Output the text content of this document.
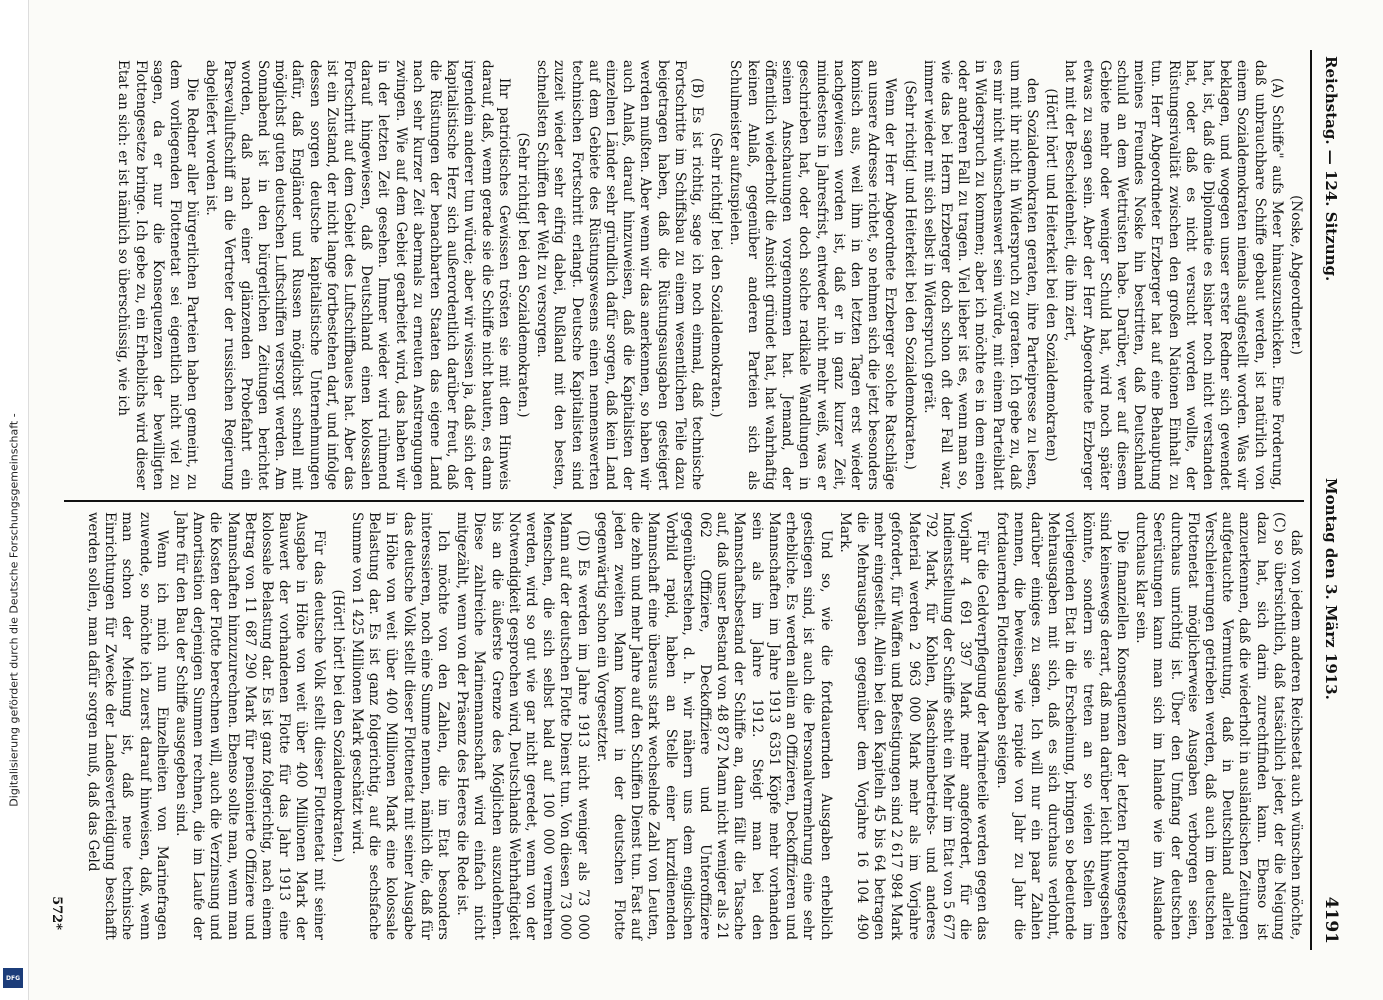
Digitalisierung gefördert durch die Deutsche Forschungsgemeinschaft -
DFG
Reichstag. — 124. Sitzung.
Montag den 3. März 1913.
4191

(Noske, Abgeordneter.)

(A) Schiffe" aufs Meer hinauszuschicken. Eine Forderung, daß unbrauchbare Schiffe gebaut werden, ist natürlich von einem Sozialdemokraten niemals aufgestellt worden. Was wir beklagen, und wogegen unser erster Redner sich gewendet hat, ist, daß die Diplomatie es bisher noch nicht verstanden hat, oder daß es nicht versucht worden wollte, der Rüstungsrivalität zwischen den großen Nationen Einhalt zu tun. Herr Abgeordneter Erzberger hat auf eine Behauptung meines Freundes Noske hin bestritten, daß Deutschland schuld an dem Wettrüsten habe. Darüber, wer auf diesem Gebiete mehr oder weniger Schuld hat, wird noch später etwas zu sagen sein. Aber der Herr Abgeordnete Erzberger hat mit der Bescheidenheit, die ihn ziert,

(Hört! hört! und Heiterkeit bei den Sozialdemokraten)

den Sozialdemokraten geraten, ihre Parteipresse zu lesen, um mit ihr nicht in Widerspruch zu geraten. Ich gebe zu, daß es mir nicht wünschenswert sein würde, mit einem Parteiblatt in Widerspruch zu kommen; aber ich möchte es in dem einen oder anderen Fall zu tragen. Viel lieber ist es, wenn man so, wie das bei Herrn Erzberger doch schon oft der Fall war, immer wieder mit sich selbst in Widerspruch gerät.

(Sehr richtig! und Heiterkeit bei den Sozialdemokraten.)

Wenn der Herr Abgeordnete Erzberger solche Ratschläge an unsere Adresse richtet, so nehmen sich die jetzt besonders komisch aus, weil ihm in den letzten Tagen erst wieder nachgewiesen worden ist, daß er in ganz kurzer Zeit, mindestens in Jahresfrist, entweder nicht mehr weiß, was er geschrieben hat, oder doch solche radikale Wandlungen in seinen Anschauungen vorgenommen hat. Jemand, der öffentlich wiederholt die Ansicht gründet hat, hat wahrhaftig keinen Anlaß, gegenüber anderen Parteien sich als Schulmeister aufzuspielen.

(Sehr richtig! bei den Sozialdemokraten.)

(B) Es ist richtig, sage ich noch einmal, daß technische Fortschritte im Schiffsbau zu einem wesentlichen Teile dazu beigetragen haben, daß die Rüstungsausgaben gesteigert werden mußten. Aber wenn wir das anerkennen, so haben wir auch Anlaß, darauf hinzuweisen, daß die Kapitalisten der einzelnen Länder sehr gründlich dafür sorgen, daß kein Land auf dem Gebiete des Rüstungswesens einen nennenswerten technischen Fortschritt erlangt. Deutsche Kapitalisten sind zuzeit wieder sehr eifrig dabei, Rußland mit den besten, schnellsten Schiffen der Welt zu versorgen.

(Sehr richtig! bei den Sozialdemokraten.)

Ihr patriotisches Gewissen trösten sie mit dem Hinweis darauf, daß, wenn gerade sie die Schiffe nicht bauten, es dann irgendein anderer tun würde; aber wir wissen ja, daß sich der kapitalistische Herz sich außerordentlich darüber freut, daß die Rüstungen der benachbarten Staaten das eigene Land nach sehr kurzer Zeit abermals zu erneuten Anstrengungen zwingen. Wie auf dem Gebiet gearbeitet wird, das haben wir in der letzten Zeit gesehen. Immer wieder wird rühmend darauf hingewiesen, daß Deutschland einen kolossalen Fortschritt auf dem Gebiet des Luftschiffbaues hat. Aber das ist ein Zustand, der nicht lange fortbestehen darf, und infolge dessen sorgen deutsche kapitalistische Unternehmungen dafür, daß Engländer und Russen möglichst schnell mit möglichst guten deutschen Luftschiffen versorgt werden. Am Sonnabend ist in den bürgerlichen Zeitungen berichtet worden, daß nach einer glänzenden Probefahrt ein Parsevalluftschiff an die Vertreter der russischen Regierung abgeliefert worden ist.

Die Redner aller bürgerlichen Parteien haben gemeint, zu dem vorliegenden Flottenetat sei eigentlich nicht viel zu sagen, da er nur die Konsequenzen der bewilligten Flottengesetze bringe. Ich gebe zu, ein Erheblichs wird dieser Etat an sich: er ist nämlich so überschüssig, wie ich

daß von jedem anderen Reichsetat auch wünschen möchte, (C) so übersichtlich, daß tatsächlich jeder, der die Neigung dazu hat, sich darin zurechtfinden kann. Ebenso ist anzuerkennen, daß die wiederholt in ausländischen Zeitungen aufgetauchte Vermutung, daß in Deutschland allerlei Verschleierungen getrieben werden, daß auch im deutschen Flottenetat möglicherweise Ausgaben verborgen seien, durchaus unrichtig ist. Über den Umfang der deutschen Seerüstungen kann man sich im Inlande wie im Auslande durchaus klar sein.

Die finanziellen Konsequenzen der letzten Flottengesetze sind keineswegs derart, daß man darüber leicht hinwegsehen könnte, sondern sie treten an so vielen Stellen im vorliegenden Etat in die Erscheinung, bringen so bedeutende Mehrausgaben mit sich, daß es sich durchaus verlohnt, darüber einiges zu sagen. Ich will nur ein paar Zahlen nennen, die beweisen, wie rapide von Jahr zu Jahr die fortdauernden Flottenausgaben steigen.

Für die Geldverpflegung der Marineteile werden gegen das Vorjahr 4 691 397 Mark mehr angefordert, für die Indienststellung der Schiffe steht ein Mehr im Etat von 5 677 792 Mark, für Kohlen, Maschinenbetriebs- und anderes Material werden 2 963 000 Mark mehr als im Vorjahre gefordert, für Waffen und Befestigungen sind 2 617 984 Mark mehr eingestellt. Allein bei den Kapiteln 45 bis 64 betragen die Mehrausgaben gegenüber dem Vorjahre 16 104 490 Mark.

Und so, wie die fortdauernden Ausgaben erheblich gestiegen sind, ist auch die Personalvermehrung eine sehr erhebliche. Es werden allein an Offizieren, Deckoffizieren und Mannschaften im Jahre 1913 6351 Köpfe mehr vorhanden sein als im Jahre 1912. Steigt man bei den Mannschaftsbestand der Schiffe an, dann fällt die Tatsache auf, daß unser Bestand von 48 872 Mann nicht weniger als 21 062 Offiziere, Deckoffiziere und Unteroffiziere gegenüberstehen, d. h. wir nähern uns dem englischen Vorbild rapid, haben an Stelle einer kurzdienenden Mannschaft eine überaus stark wechselnde Zahl von Leuten, die zehn und mehr Jahre auf den Schiffen Dienst tun. Fast auf jeden zweiten Mann kommt in der deutschen Flotte gegenwärtig schon ein Vorgesetzter.

(D) Es werden im Jahre 1913 nicht weniger als 73 000 Mann auf der deutschen Flotte Dienst tun. Von diesen 73 000 Menschen, die sich selbst bald auf 100 000 vermehren werden, wird so gut wie gar nicht geredet, wenn von der Notwendigkeit gesprochen wird, Deutschlands Wehrhaftigkeit bis an die äußerste Grenze des Möglichen auszudehnen. Diese zahlreiche Marinemannschaft wird einfach nicht mitgezählt, wenn von der Präsenz des Heeres die Rede ist.

Ich möchte von den Zahlen, die im Etat besonders interessieren, noch eine Summe nennen, nämlich die, daß für das deutsche Volk stellt dieser Flottenetat mit seiner Ausgabe in Höhe von weit über 400 Millionen Mark eine kolossale Belastung dar. Es ist ganz folgerichtig, auf die sechsfache Summe von 1 425 Millionen Mark geschätzt wird.

(Hört! hört! bei den Sozialdemokraten.)

Für das deutsche Volk stellt dieser Flottenetat mit seiner Ausgabe in Höhe von weit über 400 Millionen Mark der Bauwert der vorhandenen Flotte für das Jahr 1913 eine kolossale Belastung dar. Es ist ganz folgerichtig, nach einem Betrag von 11 687 290 Mark für pensionierte Offiziere und Mannschaften hinzuzurechnen. Ebenso sollte man, wenn man die Kosten der Flotte berechnen will, auch die Verzinsung und Amortisation derjenigen Summen rechnen, die im Laufe der Jahre für den Bau der Schiffe ausgegeben sind.

Wenn ich mich nun Einzelheiten von Marinefragen zuwende, so möchte ich zuerst darauf hinweisen, daß, wenn man schon der Meinung ist, daß neue technische Einrichtungen für Zwecke der Landesverteidigung beschafft werden sollen, man dafür sorgen muß, daß das Geld

572*
